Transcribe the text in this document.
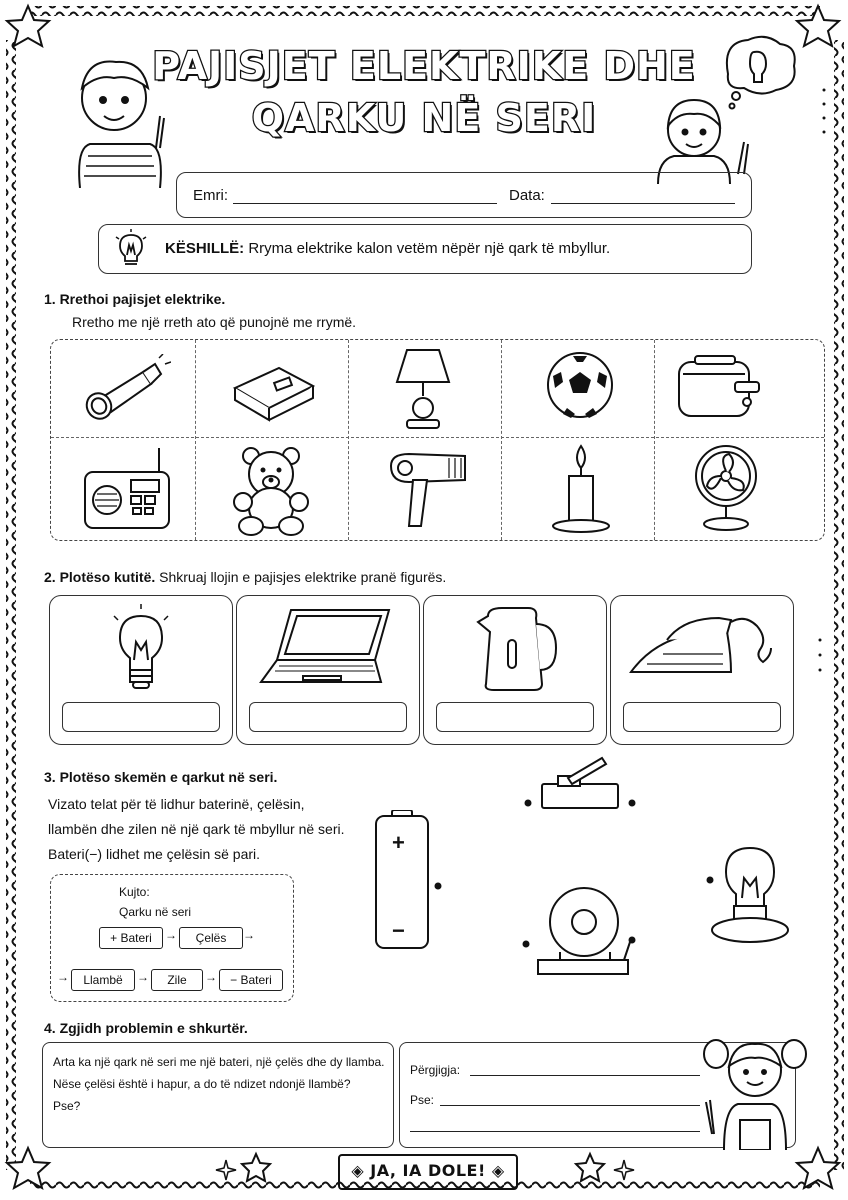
PAJISJET ELEKTRIKE DHE
QARKU NË SERI
Emri:	Data:
KËSHILLË: Rryma elektrike kalon vetëm nëpër një qark të mbyllur.
1. Rrethoi pajisjet elektrike.
Rretho me një rreth ato që punojnë me rrymë.
2. Plotëso kutitë. Shkruaj llojin e pajisjes elektrike pranë figurës.
3. Plotëso skemën e qarkut në seri.
Vizato telat për të lidhur baterinë, çelësin,
llambën dhe zilen në një qark të mbyllur në seri.
Bateri(−) lidhet me çelësin së pari.
Kujto:
Qarku në seri
+ Bateri	→	Çelës	→
→	Llambë	→	Zile	→	− Bateri
+
−
4. Zgjidh problemin e shkurtër.
Arta ka një qark në seri me një bateri, një çelës dhe dy llamba.
Nëse çelësi është i hapur, a do të ndizet ndonjë llambë?
Pse?
Përgjigja:
Pse:
◈ JA, IA DOLE! ◈
